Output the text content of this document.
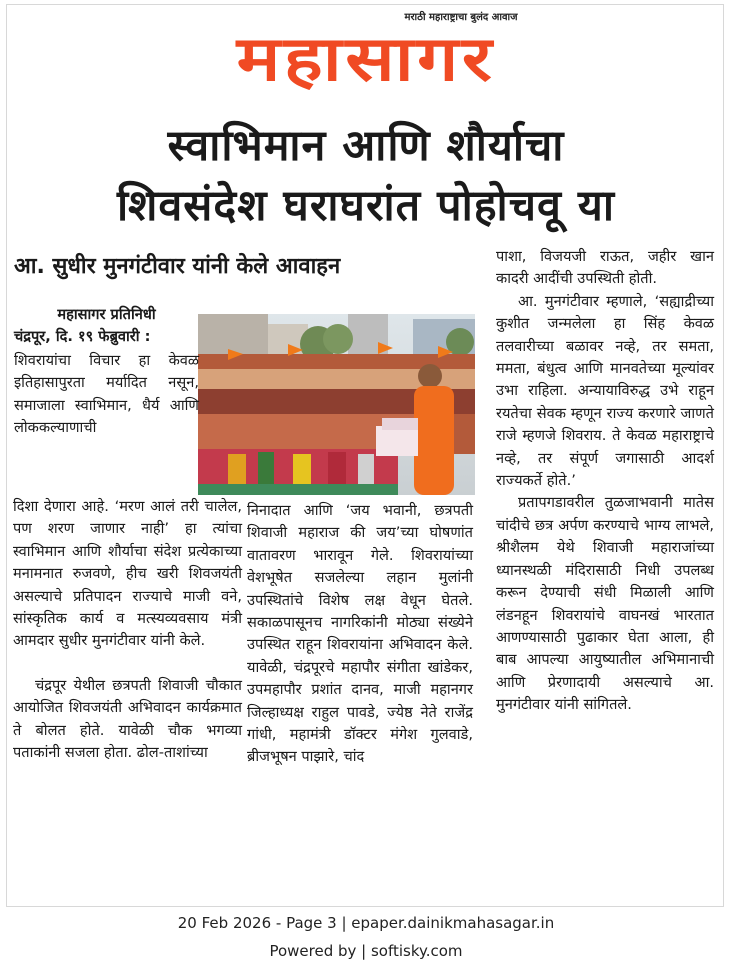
मराठी महाराष्ट्राचा बुलंद आवाज
महासागर
स्वाभिमान आणि शौर्याचा
शिवसंदेश घराघरांत पोहोचवू या
आ. सुधीर मुनगंटीवार यांनी केले आवाहन
महासागर प्रतिनिधी
चंद्रपूर, दि. १९ फेब्रुवारी :

शिवरायांचा विचार हा केवळ इतिहासापुरता मर्यादित नसून, समाजाला स्वाभिमान, धैर्य आणि लोककल्याणाची

दिशा देणारा आहे. ‘मरण आलं तरी चालेल, पण शरण जाणार नाही’ हा त्यांचा स्वाभिमान आणि शौर्याचा संदेश प्रत्येकाच्या मनामनात रुजवणे, हीच खरी शिवजयंती असल्याचे प्रतिपादन राज्याचे माजी वने, सांस्कृतिक कार्य व मत्स्यव्यवसाय मंत्री आमदार सुधीर मुनगंटीवार यांनी केले.

चंद्रपूर येथील छत्रपती शिवाजी चौकात आयोजित शिवजयंती अभिवादन कार्यक्रमात ते बोलत होते. यावेळी चौक भगव्या पताकांनी सजला होता. ढोल-ताशांच्या

निनादात आणि ‘जय भवानी, छत्रपती शिवाजी महाराज की जय’च्या घोषणांत वातावरण भारावून गेले. शिवरायांच्या वेशभूषेत सजलेल्या लहान मुलांनी उपस्थितांचे विशेष लक्ष वेधून घेतले. सकाळपासूनच नागरिकांनी मोठ्या संख्येने उपस्थित राहून शिवरायांना अभिवादन केले. यावेळी, चंद्रपूरचे महापौर संगीता खांडेकर, उपमहापौर प्रशांत दानव, माजी महानगर जिल्हाध्यक्ष राहुल पावडे, ज्येष्ठ नेते राजेंद्र गांधी, महामंत्री डॉक्टर मंगेश गुलवाडे, ब्रीजभूषन पाझारे, चांद

पाशा, विजयजी राऊत, जहीर खान कादरी आदींची उपस्थिती होती.

आ. मुनगंटीवार म्हणाले, ‘सह्याद्रीच्या कुशीत जन्मलेला हा सिंह केवळ तलवारीच्या बळावर नव्हे, तर समता, ममता, बंधुत्व आणि मानवतेच्या मूल्यांवर उभा राहिला. अन्यायाविरुद्ध उभे राहून रयतेचा सेवक म्हणून राज्य करणारे जाणते राजे म्हणजे शिवराय. ते केवळ महाराष्ट्राचे नव्हे, तर संपूर्ण जगासाठी आदर्श राज्यकर्ते होते.’

प्रतापगडावरील तुळजाभवानी मातेस चांदीचे छत्र अर्पण करण्याचे भाग्य लाभले, श्रीशैलम येथे शिवाजी महाराजांच्या ध्यानस्थळी मंदिरासाठी निधी उपलब्ध करून देण्याची संधी मिळाली आणि लंडनहून शिवरायांचे वाघनखं भारतात आणण्यासाठी पुढाकार घेता आला, ही बाब आपल्या आयुष्यातील अभिमानाची आणि प्रेरणादायी असल्याचे आ. मुनगंटीवार यांनी सांगितले.

20 Feb 2026 - Page 3 | epaper.dainikmahasagar.in
Powered by | softisky.com
